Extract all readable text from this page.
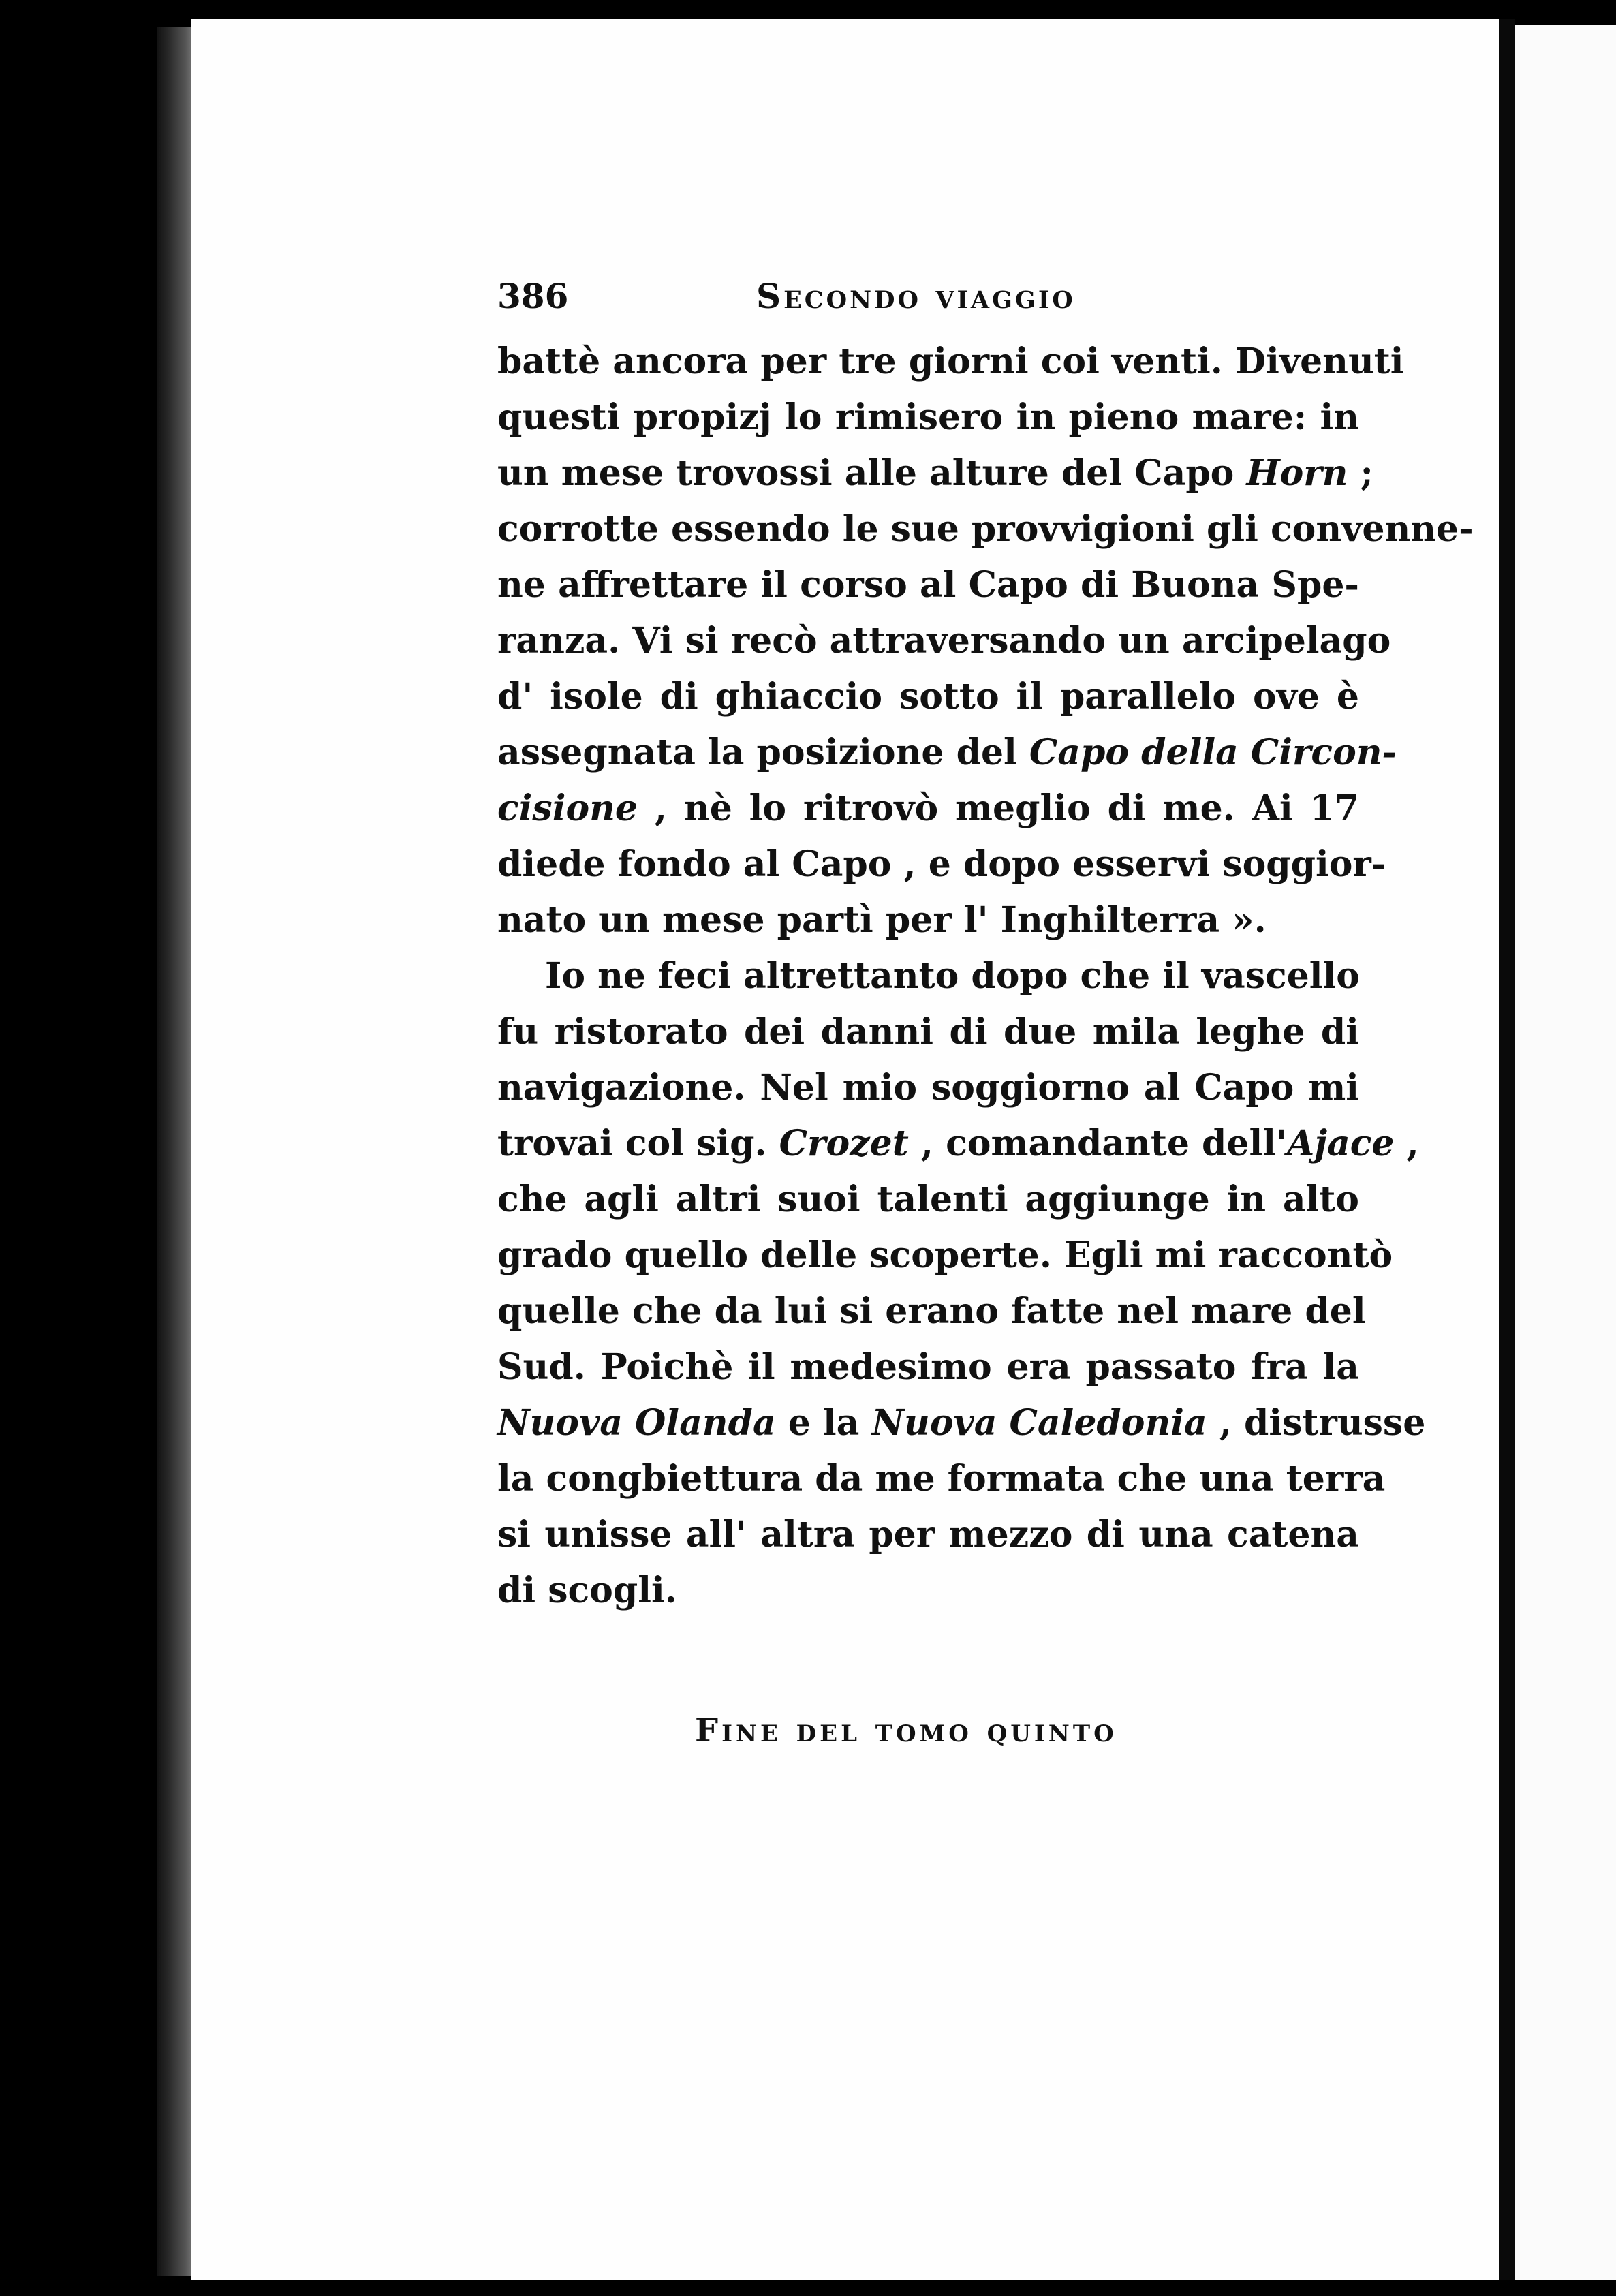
386	Secondo viaggio
battè ancora per tre giorni coi venti. Divenuti
questi propizj lo rimisero in pieno mare: in
un mese trovossi alle alture del Capo Horn ;
corrotte essendo le sue provvigioni gli convenne-
ne affrettare il corso al Capo di Buona Spe-
ranza. Vi si recò attraversando un arcipelago
d' isole di ghiaccio sotto il parallelo ove è
assegnata la posizione del Capo della Circon-
cisione , nè lo ritrovò meglio di me. Ai 17
diede fondo al Capo , e dopo esservi soggior-
nato un mese partì per l' Inghilterra ».
Io ne feci altrettanto dopo che il vascello
fu ristorato dei danni di due mila leghe di
navigazione. Nel mio soggiorno al Capo mi
trovai col sig. Crozet , comandante dell'Ajace ,
che agli altri suoi talenti aggiunge in alto
grado quello delle scoperte. Egli mi raccontò
quelle che da lui si erano fatte nel mare del
Sud. Poichè il medesimo era passato fra la
Nuova Olanda e la Nuova Caledonia , distrusse
la congbiettura da me formata che una terra
si unisse all' altra per mezzo di una catena
di scogli.
Fine del tomo quinto
